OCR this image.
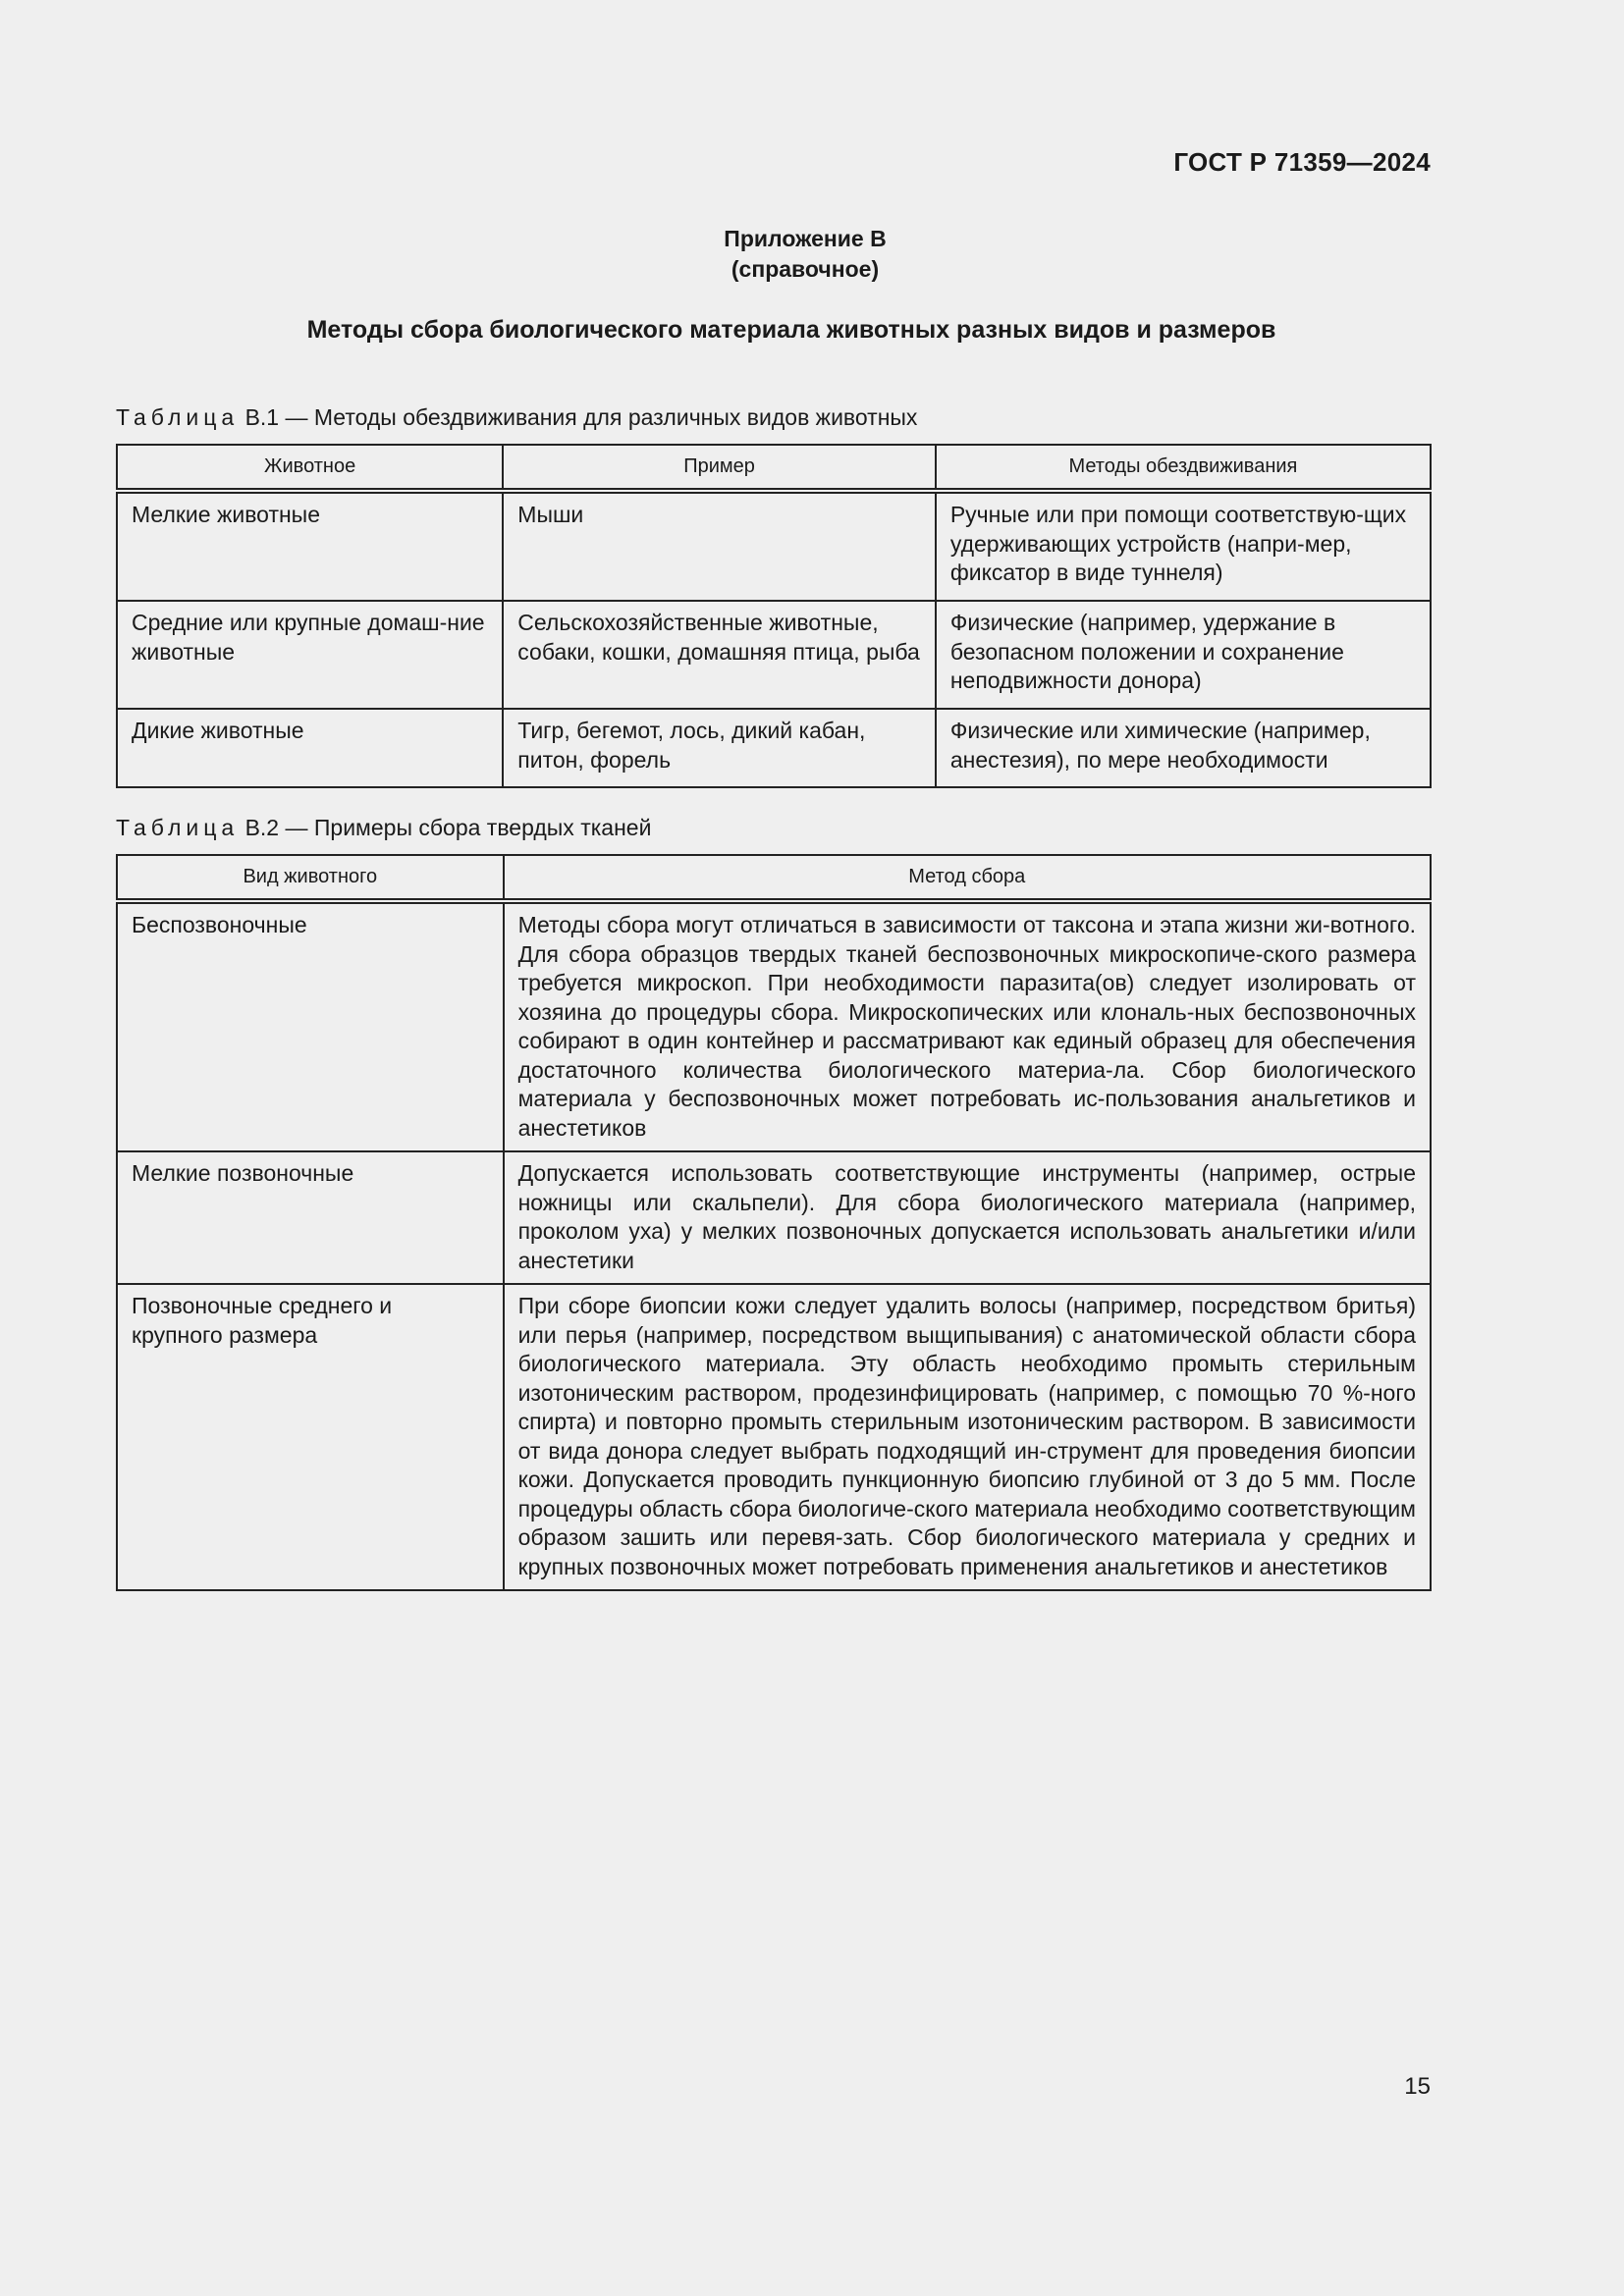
ГОСТ Р 71359—2024
Приложение В
(справочное)
Методы сбора биологического материала животных разных видов и размеров
Таблица В.1 — Методы обездвиживания для различных видов животных
Животное	Пример	Методы обездвиживания
Мелкие животные	Мыши	Ручные или при помощи соответствую-щих удерживающих устройств (напри-мер, фиксатор в виде туннеля)
Средние или крупные домаш-ние животные	Сельскохозяйственные животные, собаки, кошки, домашняя птица, рыба	Физические (например, удержание в безопасном положении и сохранение неподвижности донора)
Дикие животные	Тигр, бегемот, лось, дикий кабан, питон, форель	Физические или химические (например, анестезия), по мере необходимости
Таблица В.2 — Примеры сбора твердых тканей
Вид животного	Метод сбора
Беспозвоночные	Методы сбора могут отличаться в зависимости от таксона и этапа жизни жи-вотного. Для сбора образцов твердых тканей беспозвоночных микроскопиче-ского размера требуется микроскоп. При необходимости паразита(ов) следует изолировать от хозяина до процедуры сбора. Микроскопических или клональ-ных беспозвоночных собирают в один контейнер и рассматривают как единый образец для обеспечения достаточного количества биологического материа-ла. Сбор биологического материала у беспозвоночных может потребовать ис-пользования анальгетиков и анестетиков
Мелкие позвоночные	Допускается использовать соответствующие инструменты (например, острые ножницы или скальпели). Для сбора биологического материала (например, проколом уха) у мелких позвоночных допускается использовать анальгетики и/или анестетики
Позвоночные среднего и крупного размера	При сборе биопсии кожи следует удалить волосы (например, посредством бритья) или перья (например, посредством выщипывания) с анатомической области сбора биологического материала. Эту область необходимо промыть стерильным изотоническим раствором, продезинфицировать (например, с помощью 70 %-ного спирта) и повторно промыть стерильным изотоническим раствором. В зависимости от вида донора следует выбрать подходящий ин-струмент для проведения биопсии кожи. Допускается проводить пункционную биопсию глубиной от 3 до 5 мм. После процедуры область сбора биологиче-ского материала необходимо соответствующим образом зашить или перевя-зать. Сбор биологического материала у средних и крупных позвоночных может потребовать применения анальгетиков и анестетиков
15
